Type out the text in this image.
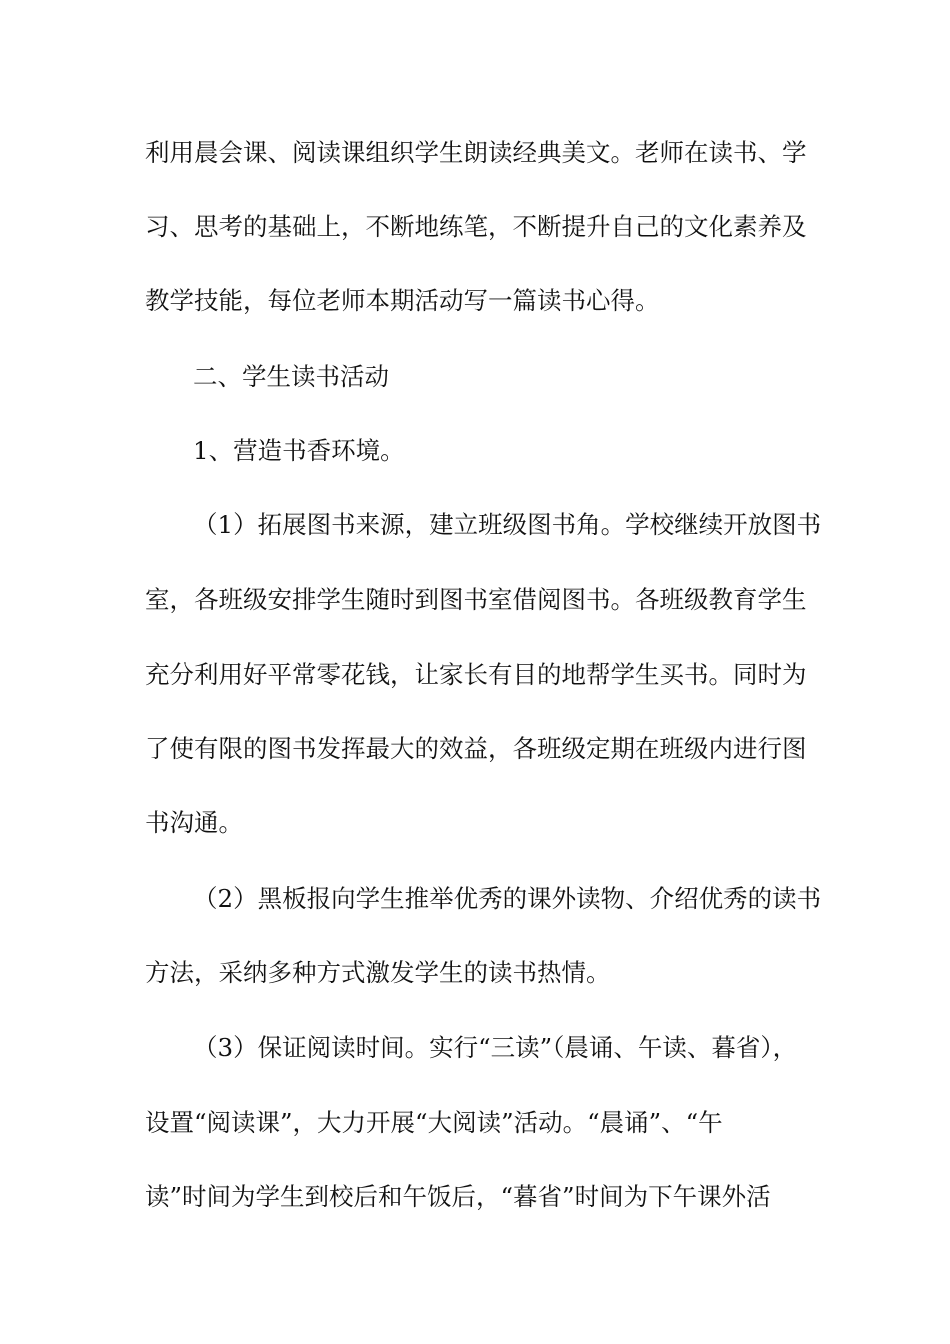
利用晨会课、阅读课组织学生朗读经典美文。老师在读书、学
习、思考的基础上，不断地练笔，不断提升自己的文化素养及
教学技能，每位老师本期活动写一篇读书心得。
二、学生读书活动
1、营造书香环境。
（1）拓展图书来源，建立班级图书角。学校继续开放图书
室，各班级安排学生随时到图书室借阅图书。各班级教育学生
充分利用好平常零花钱，让家长有目的地帮学生买书。同时为
了使有限的图书发挥最大的效益，各班级定期在班级内进行图
书沟通。
（2）黑板报向学生推举优秀的课外读物、介绍优秀的读书
方法，采纳多种方式激发学生的读书热情。
（3）保证阅读时间。实行“三读”（晨诵、午读、暮省），
设置“阅读课”，大力开展“大阅读”活动。“晨诵”、“午
读”时间为学生到校后和午饭后，“暮省”时间为下午课外活
